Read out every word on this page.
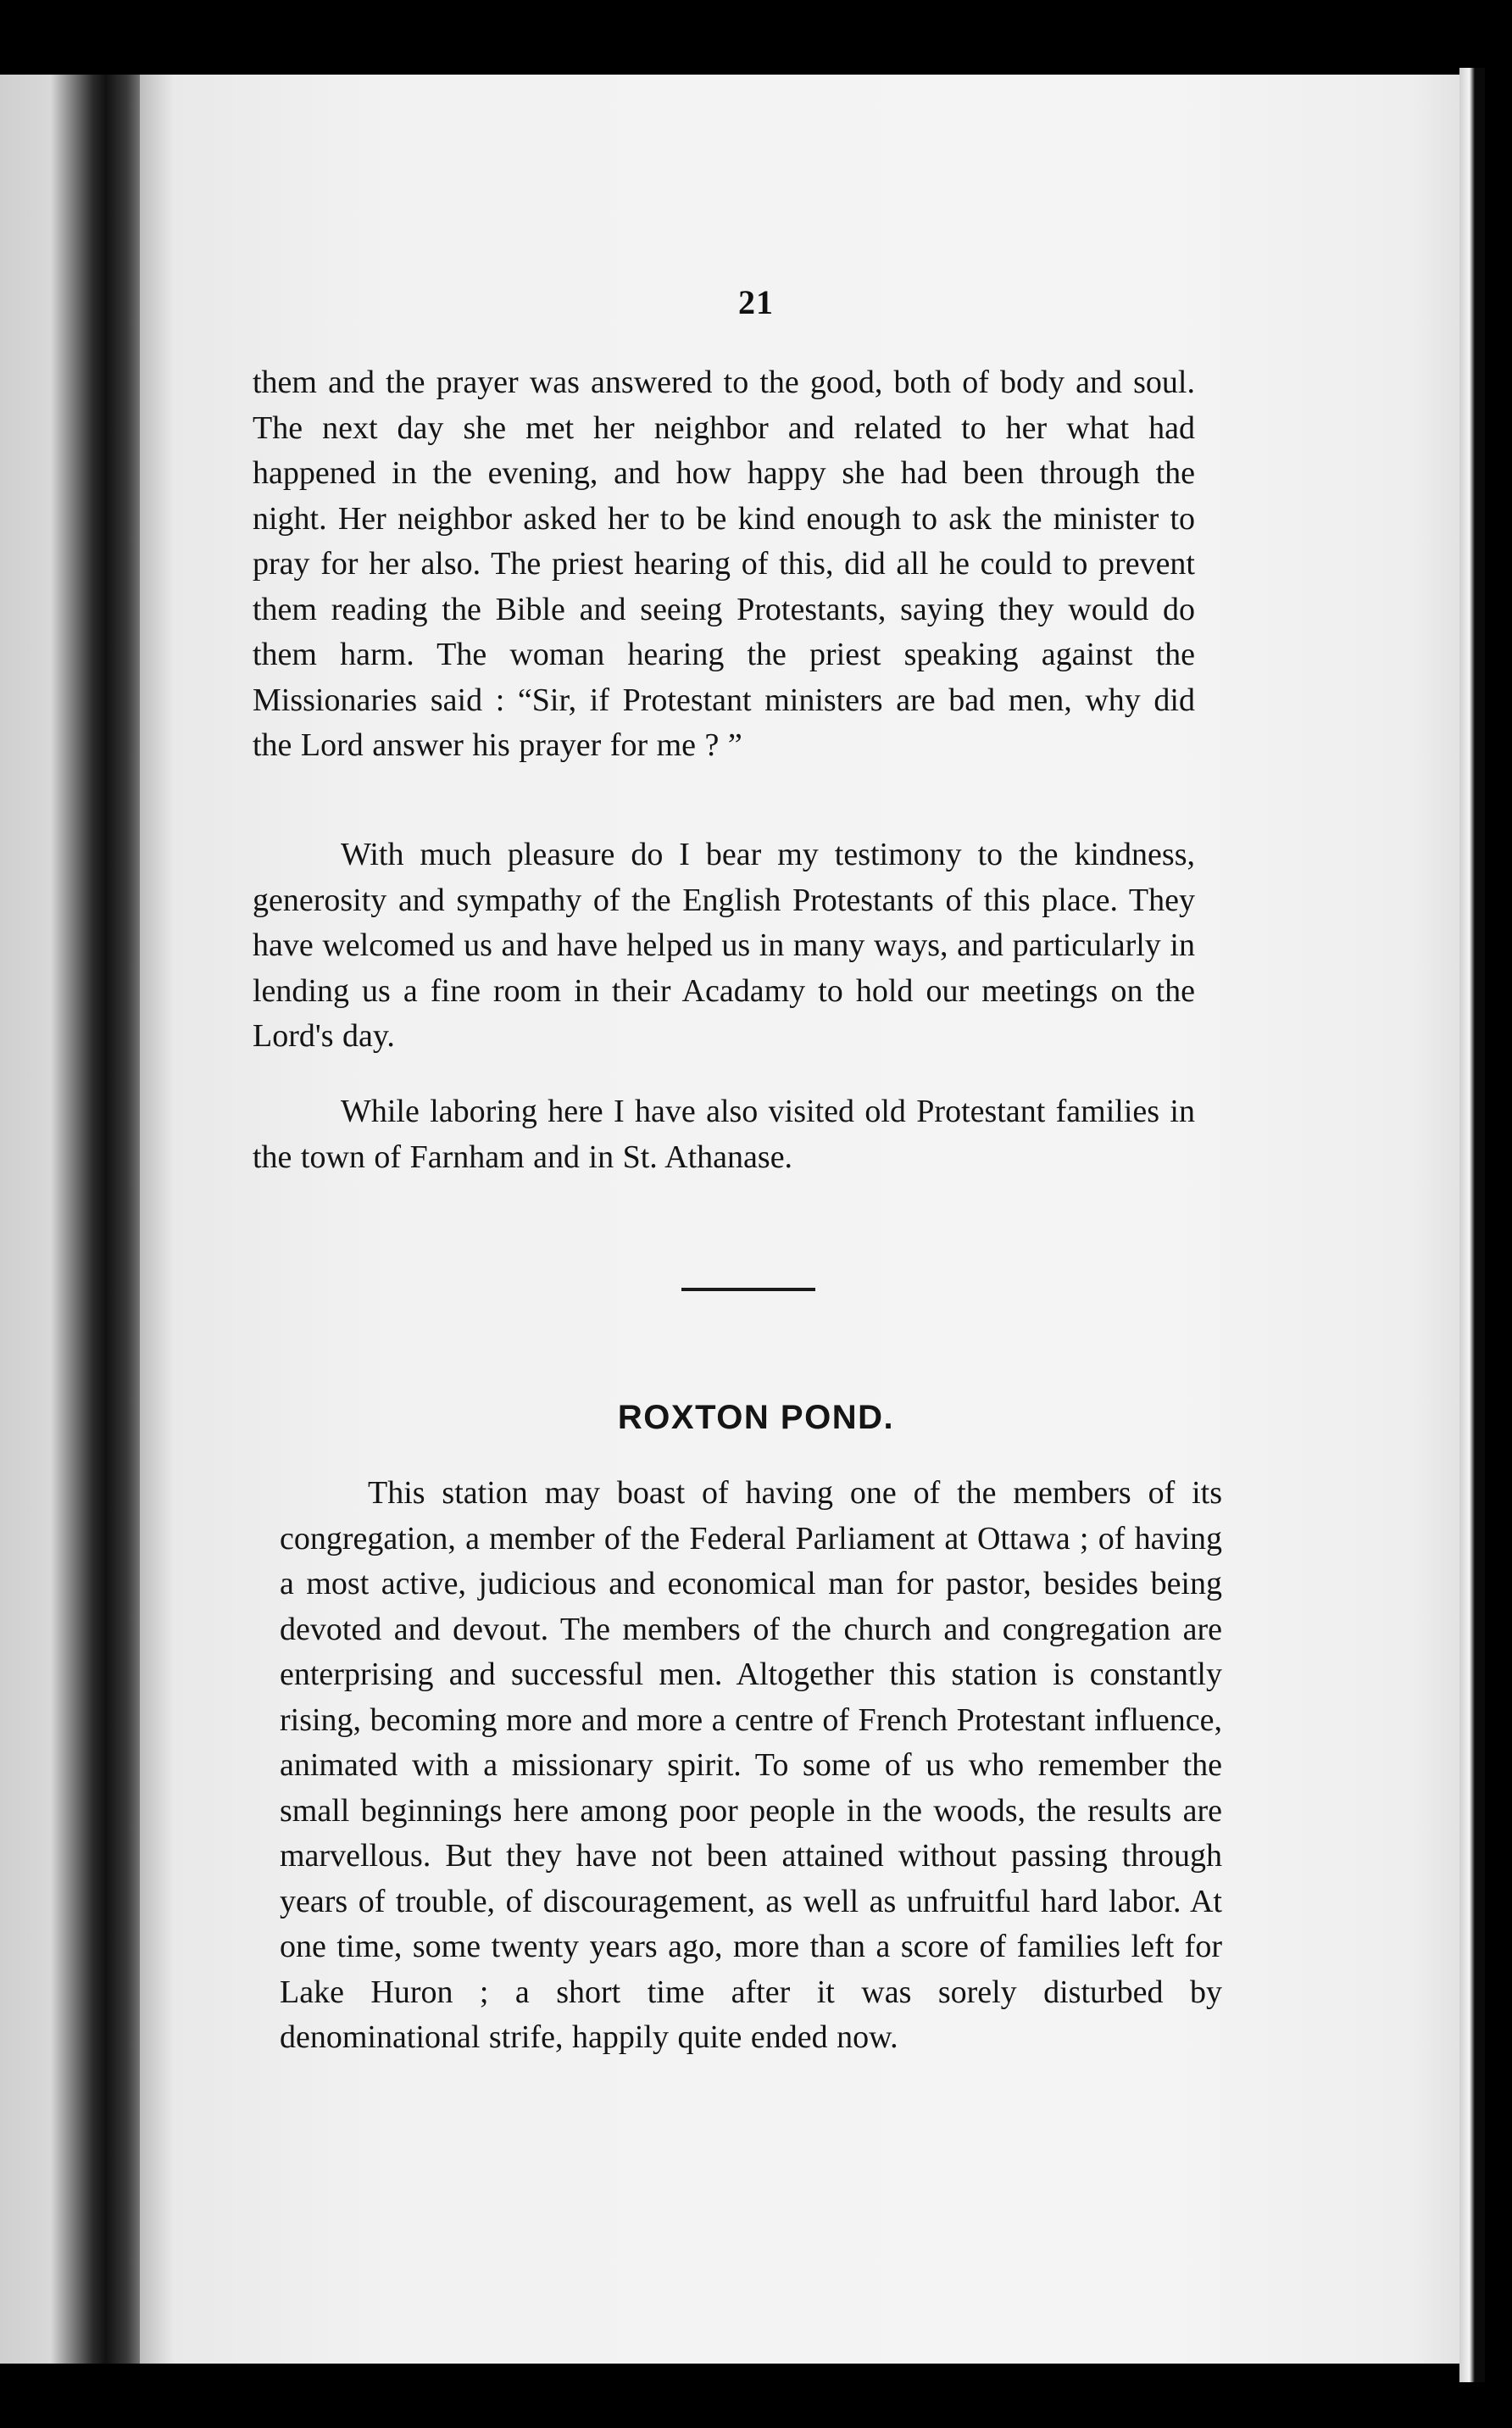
21

them and the prayer was answered to the good, both of body and soul. The next day she met her neighbor and related to her what had happened in the evening, and how happy she had been through the night. Her neighbor asked her to be kind enough to ask the minister to pray for her also. The priest hearing of this, did all he could to prevent them reading the Bible and seeing Protestants, saying they would do them harm. The woman hearing the priest speaking against the Missionaries said : “Sir, if Protestant ministers are bad men, why did the Lord answer his prayer for me ? ”

With much pleasure do I bear my testimony to the kindness, generosity and sympathy of the English Protestants of this place. They have welcomed us and have helped us in many ways, and particularly in lending us a fine room in their Acadamy to hold our meetings on the Lord's day.

While laboring here I have also visited old Protestant families in the town of Farnham and in St. Athanase.

ROXTON POND.

This station may boast of having one of the members of its congregation, a member of the Federal Parliament at Ottawa ; of having a most active, judicious and economical man for pastor, besides being devoted and devout. The members of the church and congregation are enterprising and successful men. Altogether this station is constantly rising, becoming more and more a centre of French Protestant influence, animated with a missionary spirit. To some of us who remember the small beginnings here among poor people in the woods, the results are marvellous. But they have not been attained without passing through years of trouble, of discouragement, as well as unfruitful hard labor. At one time, some twenty years ago, more than a score of families left for Lake Huron ; a short time after it was sorely disturbed by denominational strife, happily quite ended now.
